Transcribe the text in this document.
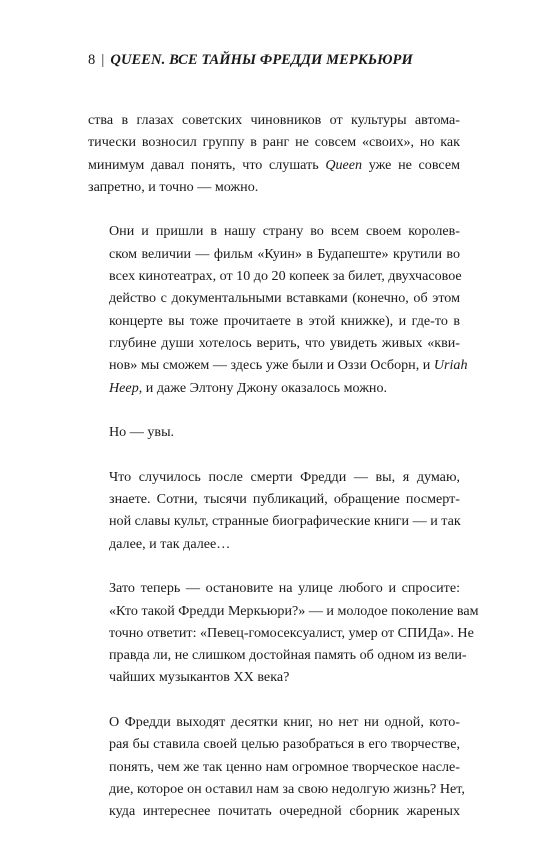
8 | QUEEN. ВСЕ ТАЙНЫ ФРЕДДИ МЕРКЬЮРИ
ства в глазах советских чиновников от культуры автома-
тически возносил группу в ранг не совсем «своих», но как
минимум давал понять, что слушать Queen уже не совсем
запретно, и точно — можно.
Они и пришли в нашу страну во всем своем королев-
ском величии — фильм «Куин» в Будапеште» крутили во
всех кинотеатрах, от 10 до 20 копеек за билет, двухчасовое
действо с документальными вставками (конечно, об этом
концерте вы тоже прочитаете в этой книжке), и где-то в
глубине души хотелось верить, что увидеть живых «кви-
нов» мы сможем — здесь уже были и Оззи Осборн, и Uriah
Heep, и даже Элтону Джону оказалось можно.
Но — увы.
Что случилось после смерти Фредди — вы, я думаю,
знаете. Сотни, тысячи публикаций, обращение посмерт-
ной славы культ, странные биографические книги — и так
далее, и так далее…
Зато теперь — остановите на улице любого и спросите:
«Кто такой Фредди Меркьюри?» — и молодое поколение вам
точно ответит: «Певец-гомосексуалист, умер от СПИДа». Не
правда ли, не слишком достойная память об одном из вели-
чайших музыкантов XX века?
О Фредди выходят десятки книг, но нет ни одной, кото-
рая бы ставила своей целью разобраться в его творчестве,
понять, чем же так ценно нам огромное творческое насле-
дие, которое он оставил нам за свою недолгую жизнь? Нет,
куда интереснее почитать очередной сборник жареных
